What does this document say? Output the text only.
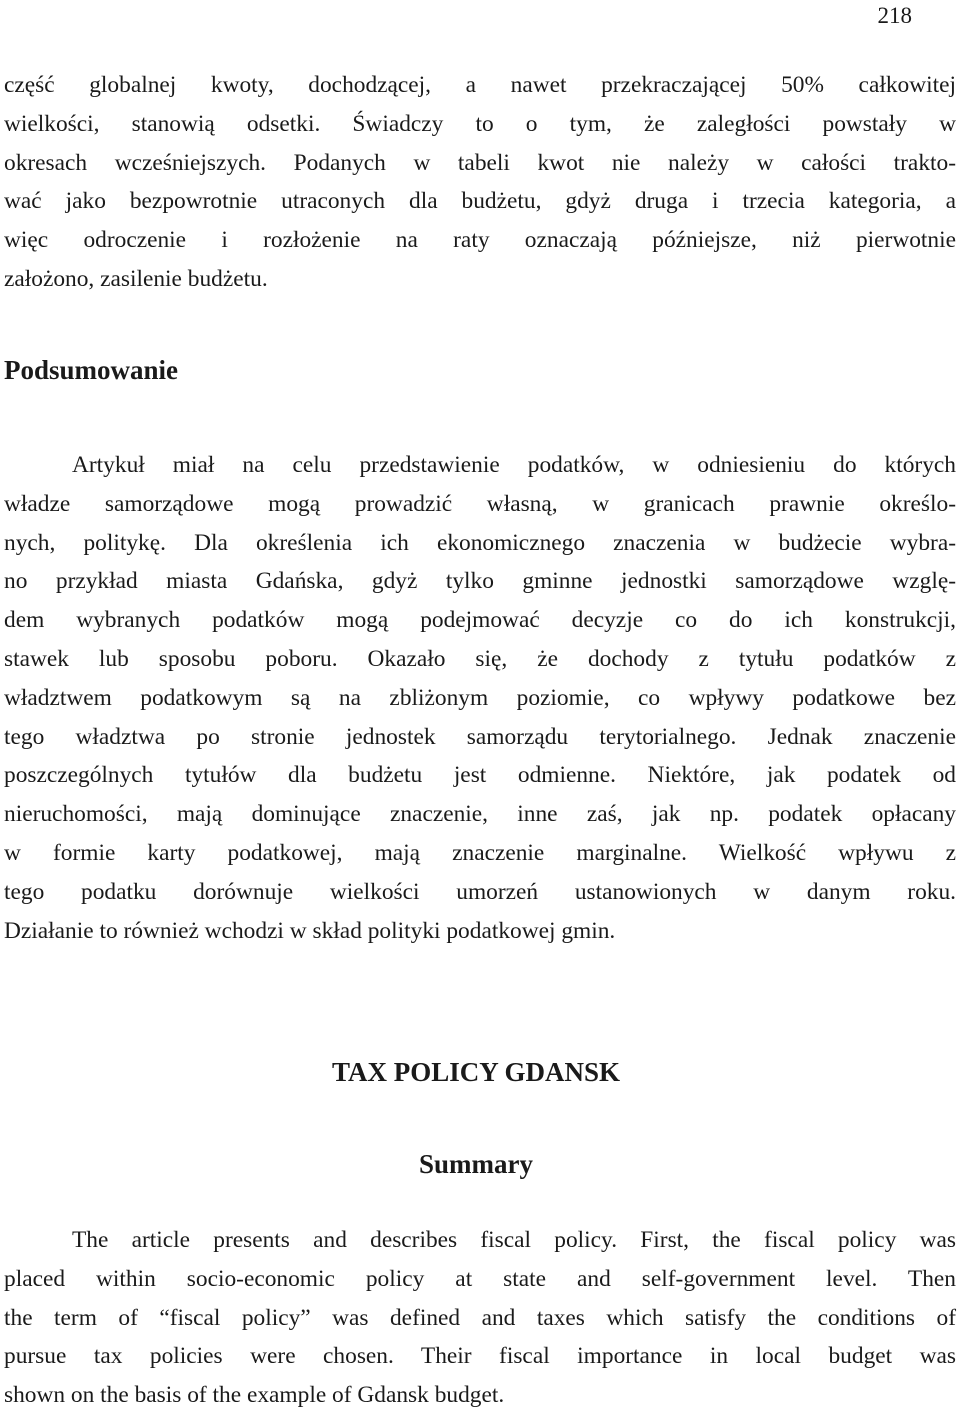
218

część globalnej kwoty, dochodzącej, a nawet przekraczającej 50% całkowitej
wielkości, stanowią odsetki. Świadczy to o tym, że zaległości powstały w
okresach wcześniejszych. Podanych w tabeli kwot nie należy w całości trakto-
wać jako bezpowrotnie utraconych dla budżetu, gdyż druga i trzecia kategoria, a
więc odroczenie i rozłożenie na raty oznaczają późniejsze, niż pierwotnie
założono, zasilenie budżetu.

Podsumowanie

Artykuł miał na celu przedstawienie podatków, w odniesieniu do których
władze samorządowe mogą prowadzić własną, w granicach prawnie określo-
nych, politykę. Dla określenia ich ekonomicznego znaczenia w budżecie wybra-
no przykład miasta Gdańska, gdyż tylko gminne jednostki samorządowe wzglę-
dem wybranych podatków mogą podejmować decyzje co do ich konstrukcji,
stawek lub sposobu poboru. Okazało się, że dochody z tytułu podatków z
władztwem podatkowym są na zbliżonym poziomie, co wpływy podatkowe bez
tego władztwa po stronie jednostek samorządu terytorialnego. Jednak znaczenie
poszczególnych tytułów dla budżetu jest odmienne. Niektóre, jak podatek od
nieruchomości, mają dominujące znaczenie, inne zaś, jak np. podatek opłacany
w formie karty podatkowej, mają znaczenie marginalne. Wielkość wpływu z
tego podatku dorównuje wielkości umorzeń ustanowionych w danym roku.
Działanie to również wchodzi w skład polityki podatkowej gmin.

TAX POLICY GDANSK
Summary

The article presents and describes fiscal policy. First, the fiscal policy was
placed within socio-economic policy at state and self-government level. Then
the term of “fiscal policy” was defined and taxes which satisfy the conditions of
pursue tax policies were chosen. Their fiscal importance in local budget was
shown on the basis of the example of Gdansk budget.
